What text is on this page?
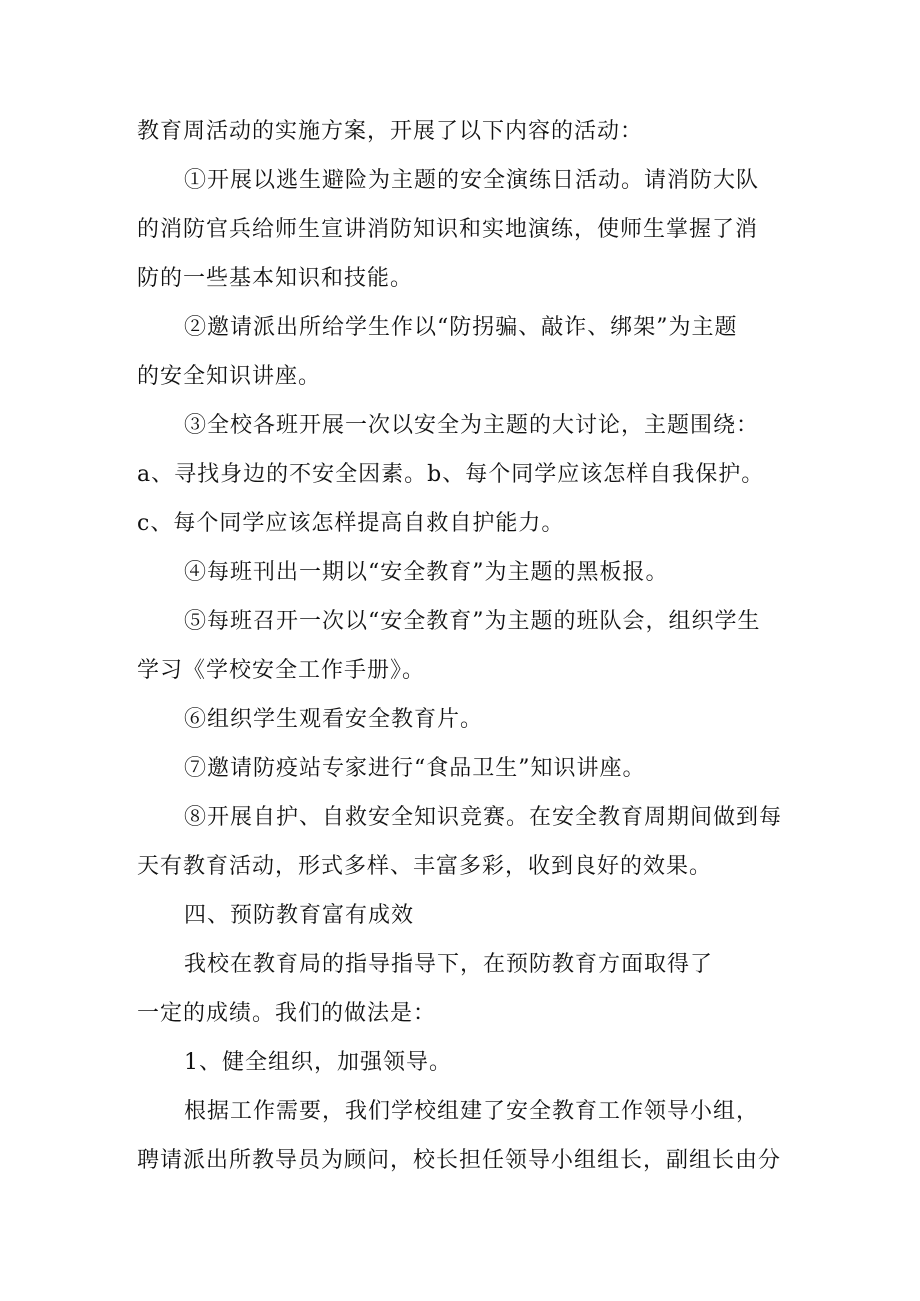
教育周活动的实施方案，开展了以下内容的活动：
①开展以逃生避险为主题的安全演练日活动。请消防大队
的消防官兵给师生宣讲消防知识和实地演练，使师生掌握了消
防的一些基本知识和技能。
②邀请派出所给学生作以“防拐骗、敲诈、绑架”为主题
的安全知识讲座。
③全校各班开展一次以安全为主题的大讨论，主题围绕：
a、寻找身边的不安全因素。b、每个同学应该怎样自我保护。
c、每个同学应该怎样提高自救自护能力。
④每班刊出一期以“安全教育”为主题的黑板报。
⑤每班召开一次以“安全教育”为主题的班队会，组织学生
学习《学校安全工作手册》。
⑥组织学生观看安全教育片。
⑦邀请防疫站专家进行“食品卫生”知识讲座。
⑧开展自护、自救安全知识竞赛。在安全教育周期间做到每
天有教育活动，形式多样、丰富多彩，收到良好的效果。
四、预防教育富有成效
我校在教育局的指导指导下，在预防教育方面取得了
一定的成绩。我们的做法是：
1、健全组织，加强领导。
根据工作需要，我们学校组建了安全教育工作领导小组，
聘请派出所教导员为顾问，校长担任领导小组组长，副组长由分
